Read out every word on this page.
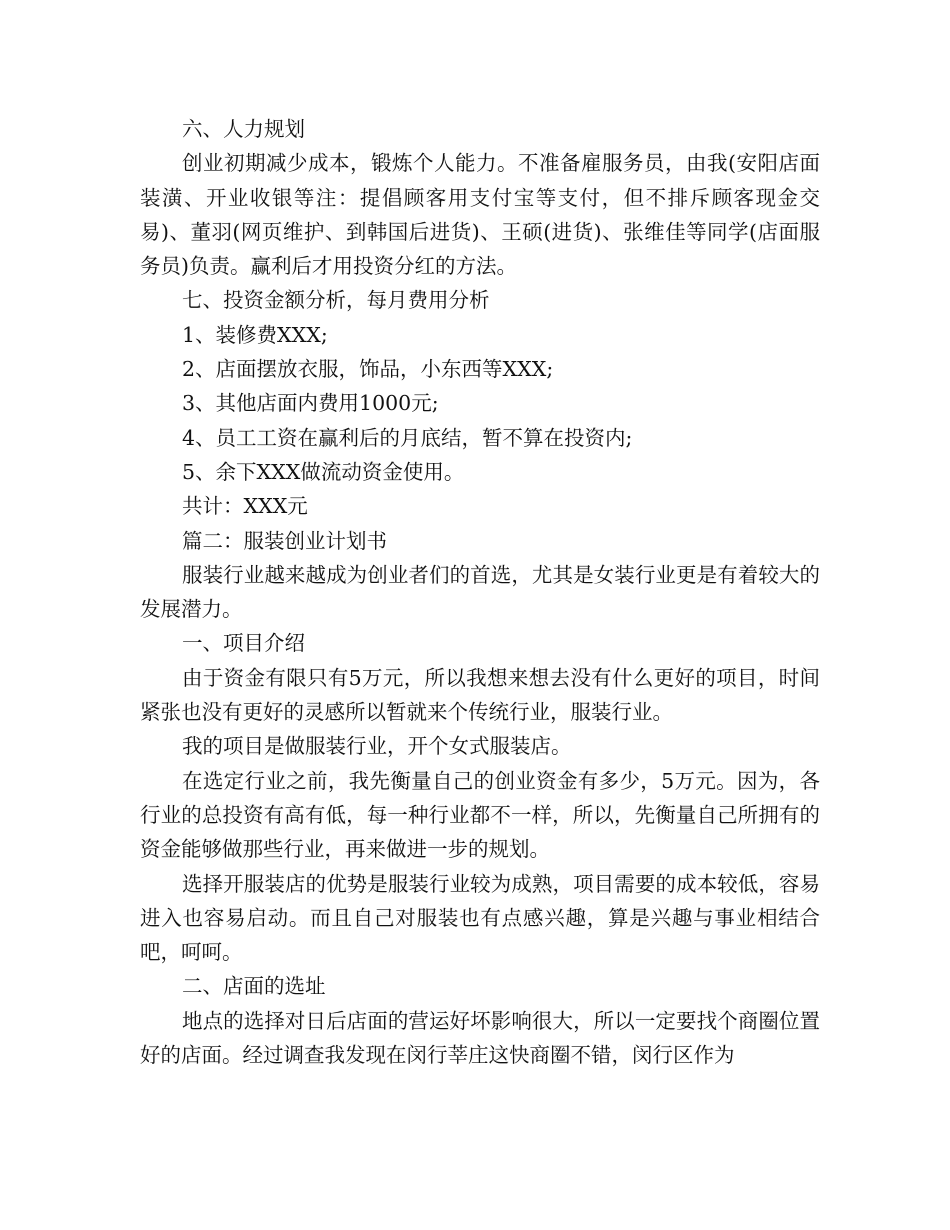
六、人力规划

创业初期减少成本，锻炼个人能力。不准备雇服务员，由我(安阳店面装潢、开业收银等注：提倡顾客用支付宝等支付，但不排斥顾客现金交易)、董羽(网页维护、到韩国后进货)、王硕(进货)、张维佳等同学(店面服务员)负责。赢利后才用投资分红的方法。

七、投资金额分析，每月费用分析

1、装修费XXX;

2、店面摆放衣服，饰品，小东西等XXX;

3、其他店面内费用1000元;

4、员工工资在赢利后的月底结，暂不算在投资内;

5、余下XXX做流动资金使用。

共计：XXX元

篇二：服装创业计划书

服装行业越来越成为创业者们的首选，尤其是女装行业更是有着较大的发展潜力。

一、项目介绍

由于资金有限只有5万元，所以我想来想去没有什么更好的项目，时间紧张也没有更好的灵感所以暂就来个传统行业，服装行业。

我的项目是做服装行业，开个女式服装店。

在选定行业之前，我先衡量自己的创业资金有多少，5万元。因为，各行业的总投资有高有低，每一种行业都不一样，所以，先衡量自己所拥有的资金能够做那些行业，再来做进一步的规划。

选择开服装店的优势是服装行业较为成熟，项目需要的成本较低，容易进入也容易启动。而且自己对服装也有点感兴趣，算是兴趣与事业相结合吧，呵呵。

二、店面的选址

地点的选择对日后店面的营运好坏影响很大，所以一定要找个商圈位置好的店面。经过调查我发现在闵行莘庄这快商圈不错，闵行区作为
